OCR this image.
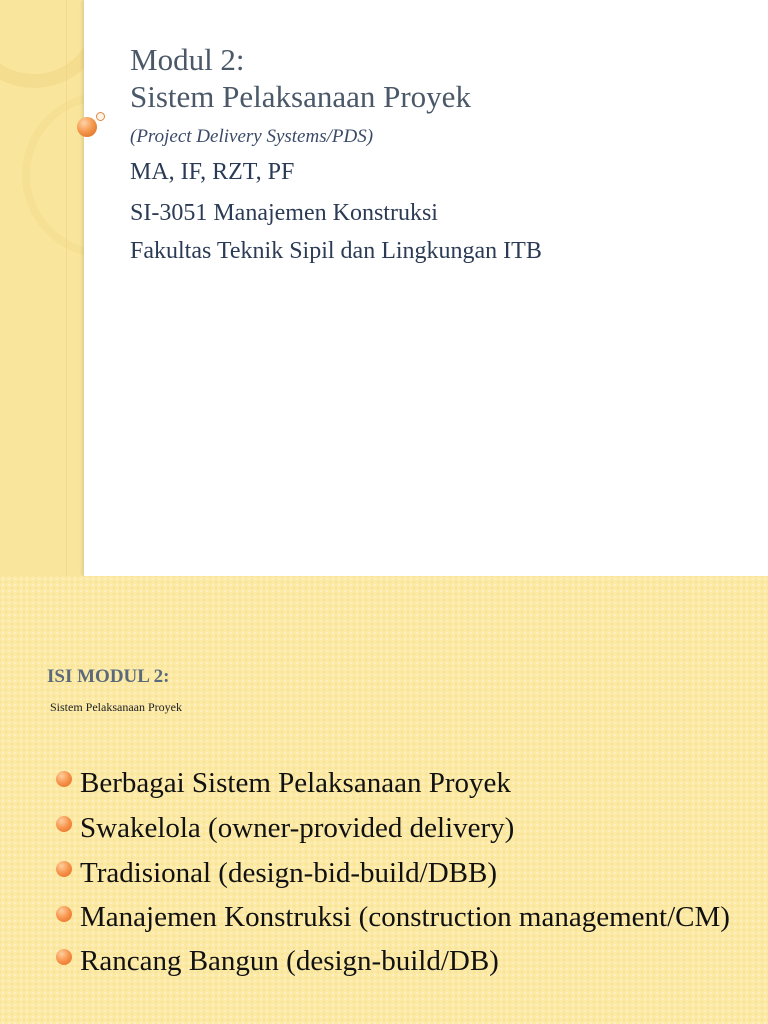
Modul 2:
Sistem Pelaksanaan Proyek

(Project Delivery Systems/PDS)

MA, IF, RZT, PF

SI-3051 Manajemen Konstruksi

Fakultas Teknik Sipil dan Lingkungan ITB

ISI MODUL 2:

Sistem Pelaksanaan Proyek

Berbagai Sistem Pelaksanaan Proyek
Swakelola (owner-provided delivery)
Tradisional (design-bid-build/DBB)
Manajemen Konstruksi (construction management/CM)
Rancang Bangun (design-build/DB)
